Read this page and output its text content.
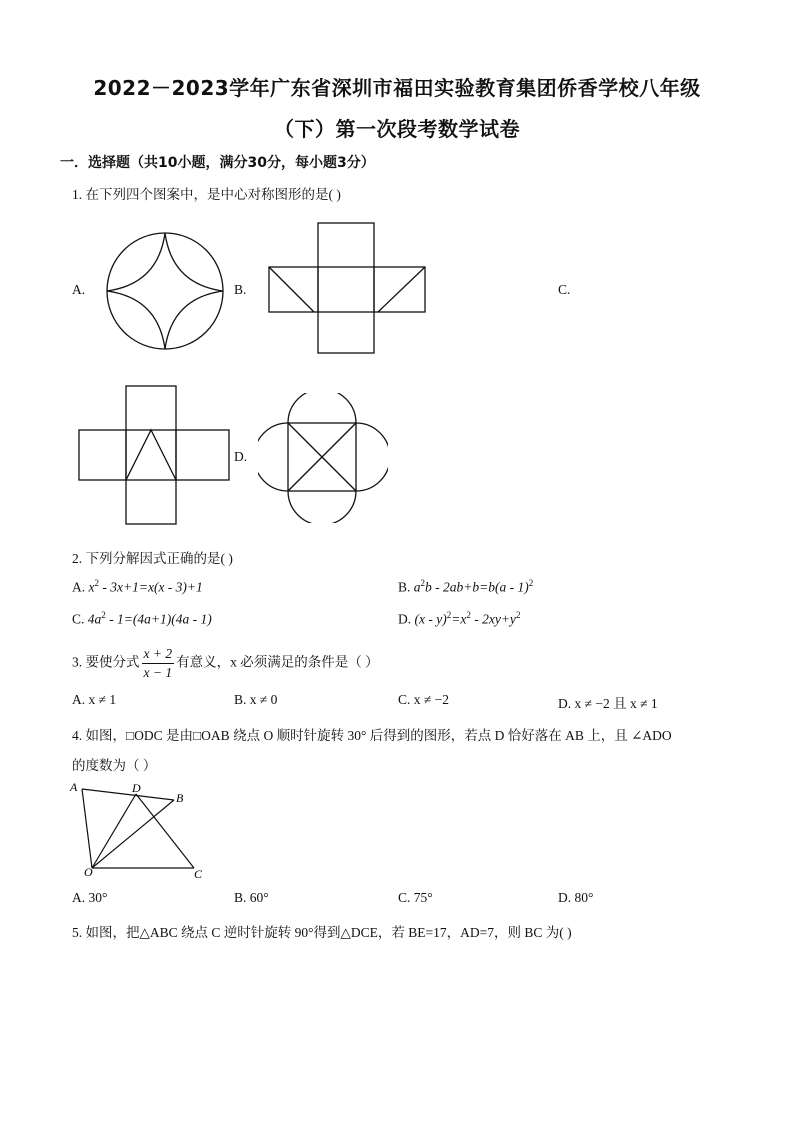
2022－2023学年广东省深圳市福田实验教育集团侨香学校八年级
（下）第一次段考数学试卷
一．选择题（共10小题，满分30分，每小题3分）
1. 在下列四个图案中，是中心对称图形的是( )
A.	B.	C.
D.
2. 下列分解因式正确的是( )
A. $x^2 - 3x+1=x(x - 3)+1$	B. $a^2b - 2ab+b=b(a - 1)^2$
C. $4a^2 - 1=(4a+1)(4a - 1)$	D. $(x - y)^2=x^2 - 2xy+y^2$
3. 要使分式 $\frac{x + 2}{x - 1}$ 有意义，x 必须满足的条件是（ ）
A. x ≠ 1	B. x ≠ 0	C. x ≠ −2	D. x ≠ −2 且 x ≠ 1
4. 如图，□ODC 是由□OAB 绕点 O 顺时针旋转 30° 后得到的图形，若点 D 恰好落在 AB 上，且 ∠ADO
的度数为（ ）
A	D
B
O	C
A. 30°	B. 60°	C. 75°	D. 80°
5. 如图，把△ABC 绕点 C 逆时针旋转 90°得到△DCE，若 BE=17，AD=7，则 BC 为( )
